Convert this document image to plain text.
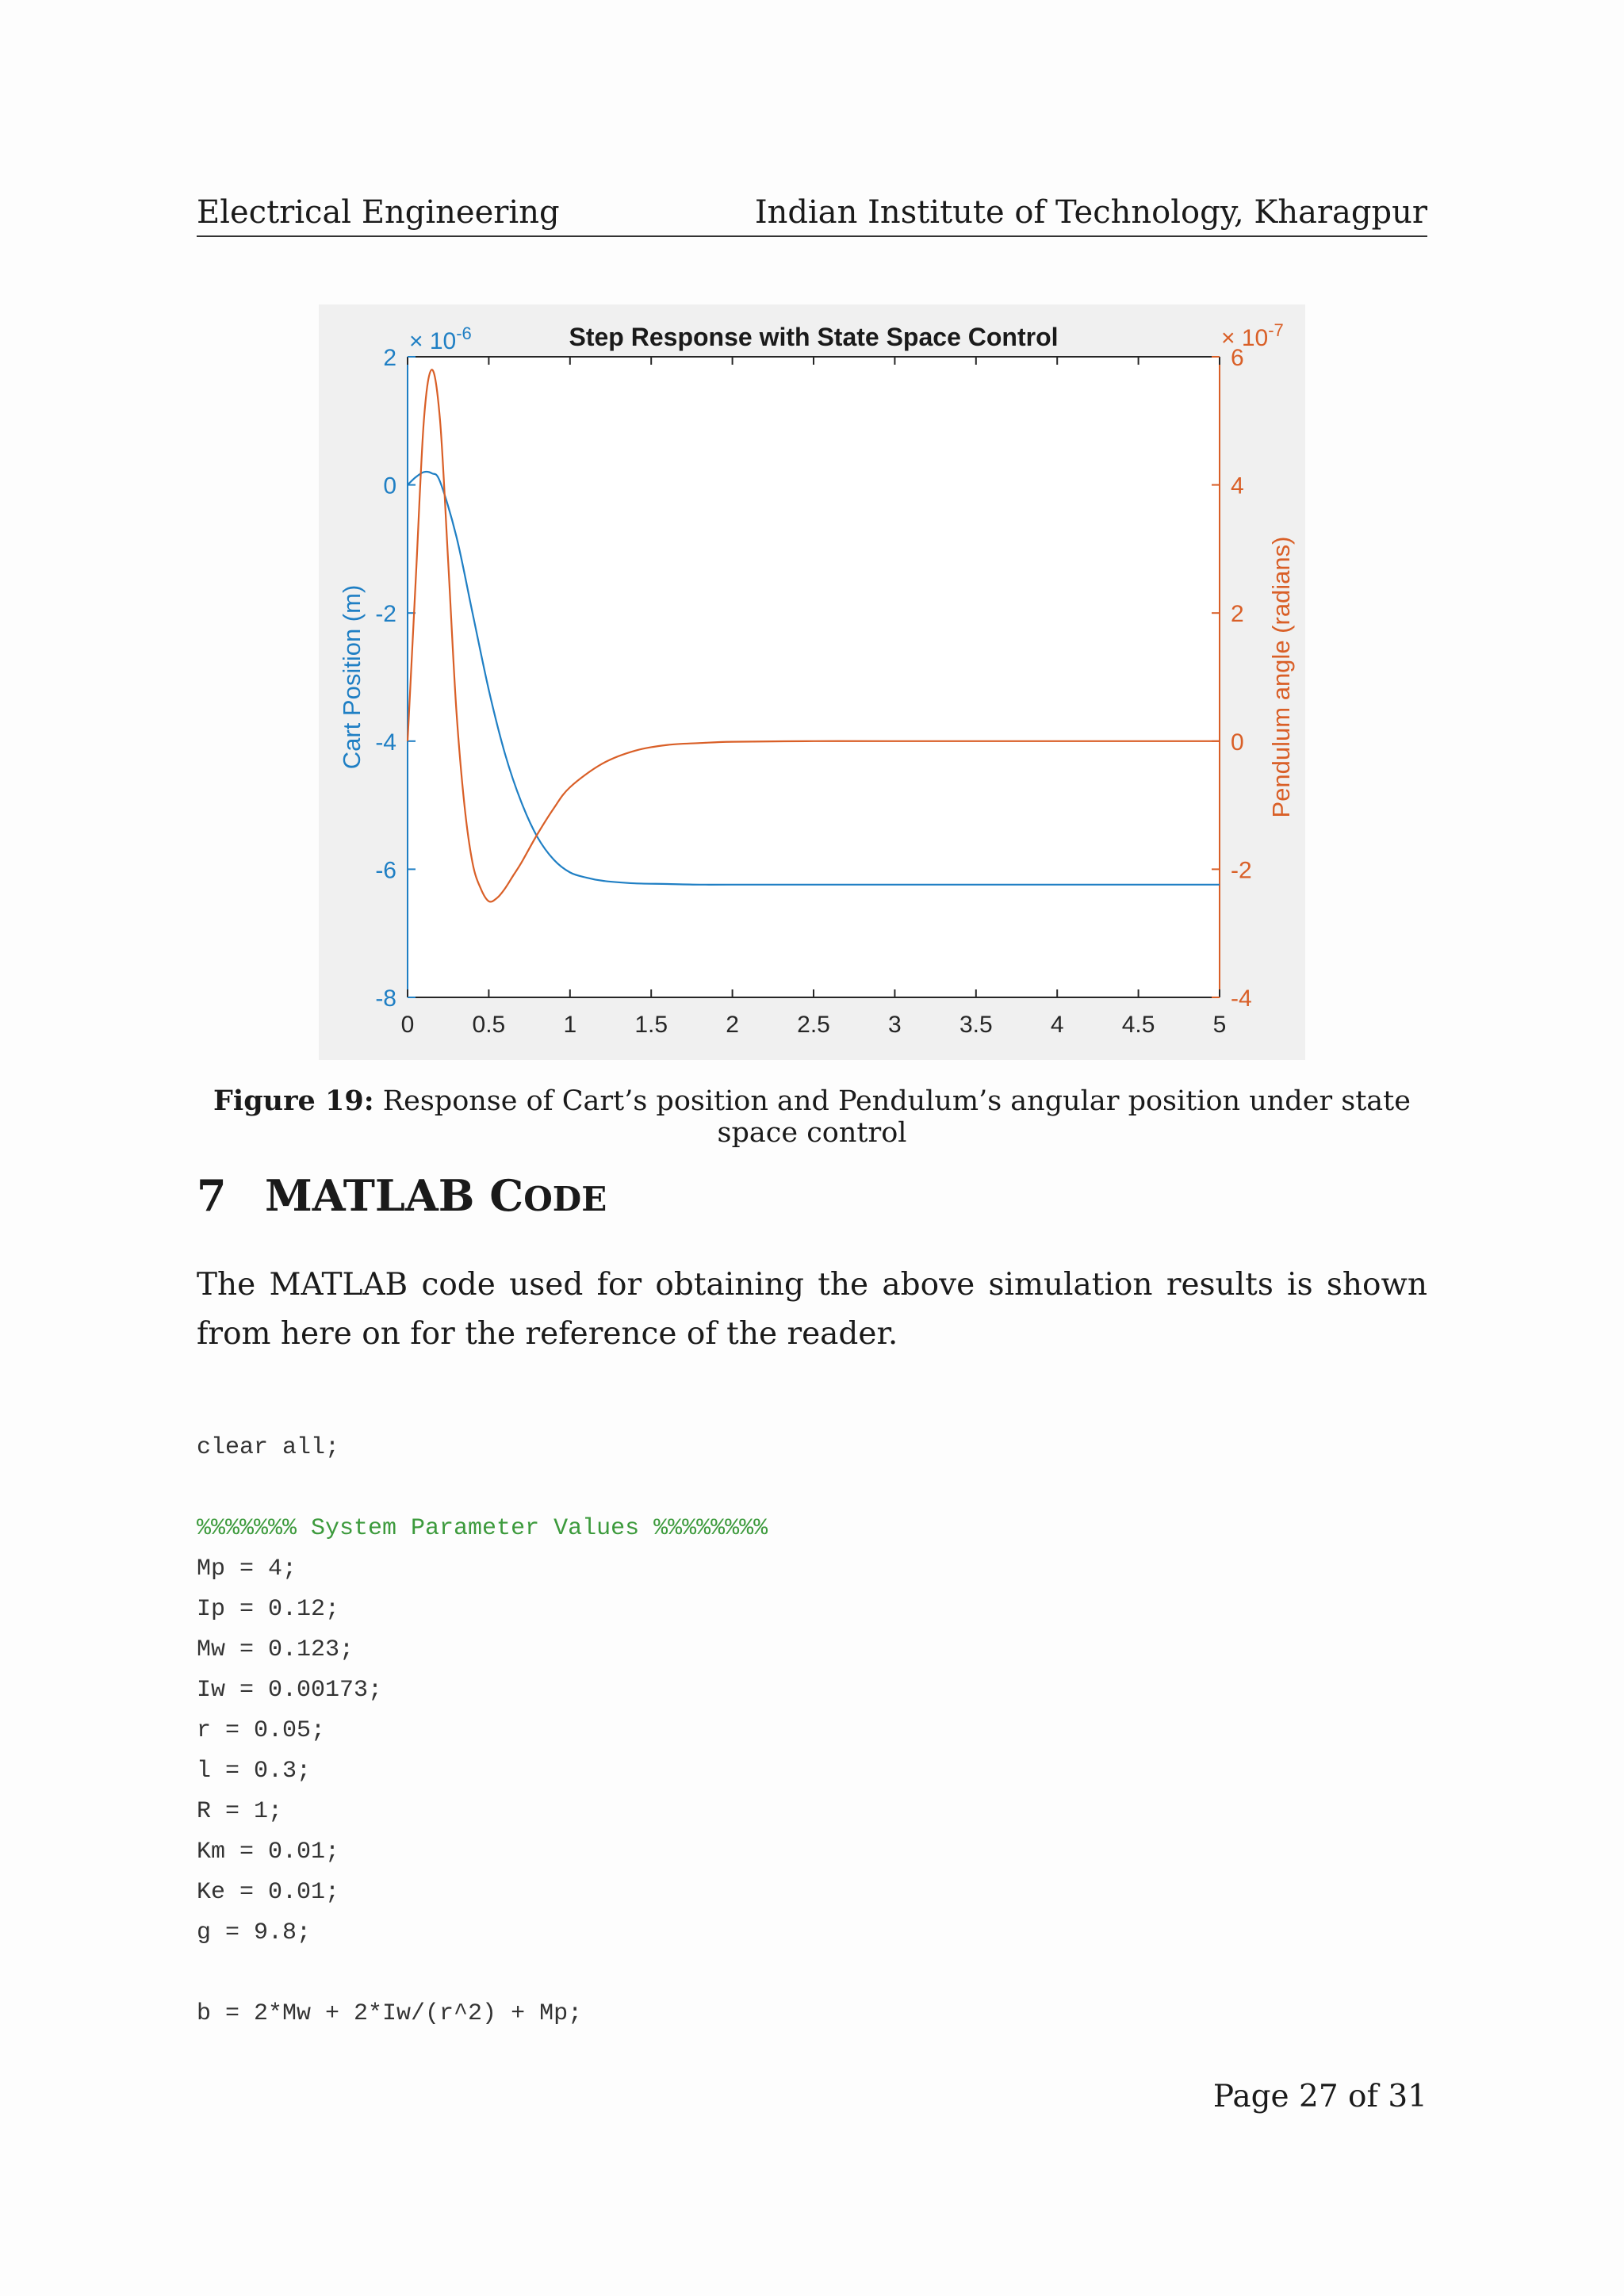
Electrical Engineering	Indian Institute of Technology, Kharagpur
0 0.5 1 1.5 2 2.5 3 3.5 4 4.5 5
2
0
-2
-4
-6
-8
6
4
2
0
-2
-4
× $10^{-6}$	× $10^{-7}$
Step Response with State Space Control
Cart Position (m)	Pendulum angle (radians)
Figure 19: Response of Cart’s position and Pendulum’s angular position under state space control
7 MATLAB CODE
The MATLAB code used for obtaining the above simulation results is shown from here on for the reference of the reader.
clear all;
%%%%%%% System Parameter Values %%%%%%%%
Mp = 4;
Ip = 0.12;
Mw = 0.123;
Iw = 0.00173;
r = 0.05;
l = 0.3;
R = 1;
Km = 0.01;
Ke = 0.01;
g = 9.8;
b = 2*Mw + 2*Iw/(r^2) + Mp;
Page 27 of 31
